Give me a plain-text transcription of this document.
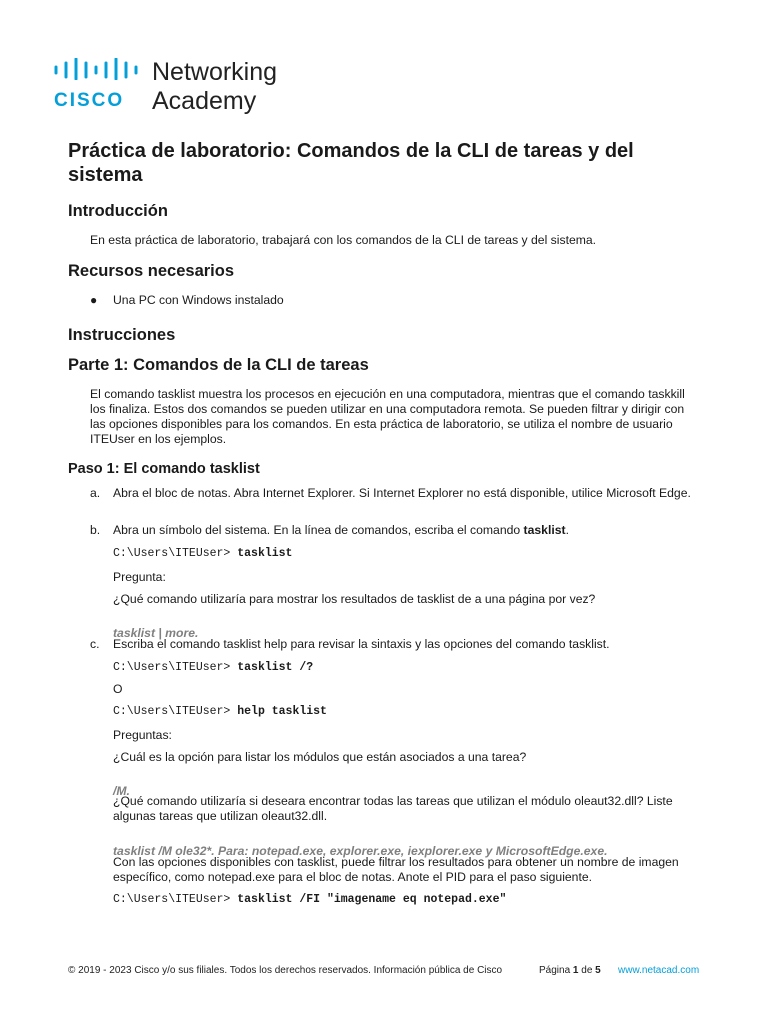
CISCO
Networking
Academy
Práctica de laboratorio: Comandos de la CLI de tareas y del sistema
Introducción

En esta práctica de laboratorio, trabajará con los comandos de la CLI de tareas y del sistema.

Recursos necesarios
● Una PC con Windows instalado

Instrucciones
Parte 1: Comandos de la CLI de tareas

El comando tasklist muestra los procesos en ejecución en una computadora, mientras que el comando taskkill los finaliza. Estos dos comandos se pueden utilizar en una computadora remota. Se pueden filtrar y dirigir con las opciones disponibles para los comandos. En esta práctica de laboratorio, se utiliza el nombre de usuario ITEUser en los ejemplos.

Paso 1: El comando tasklist
a. Abra el bloc de notas. Abra Internet Explorer. Si Internet Explorer no está disponible, utilice Microsoft Edge.

b. Abra un símbolo del sistema. En la línea de comandos, escriba el comando tasklist.

C:\Users\ITEUser> tasklist

Pregunta:

¿Qué comando utilizaría para mostrar los resultados de tasklist de a una página por vez?

tasklist | more.

c. Escriba el comando tasklist help para revisar la sintaxis y las opciones del comando tasklist.

C:\Users\ITEUser> tasklist /?

O

C:\Users\ITEUser> help tasklist

Preguntas:

¿Cuál es la opción para listar los módulos que están asociados a una tarea?

/M.

¿Qué comando utilizaría si deseara encontrar todas las tareas que utilizan el módulo oleaut32.dll? Liste algunas tareas que utilizan oleaut32.dll.

tasklist /M ole32*. Para: notepad.exe, explorer.exe, iexplorer.exe y MicrosoftEdge.exe.

Con las opciones disponibles con tasklist, puede filtrar los resultados para obtener un nombre de imagen específico, como notepad.exe para el bloc de notas. Anote el PID para el paso siguiente.

C:\Users\ITEUser> tasklist /FI "imagename eq notepad.exe"
© 2019 - 2023 Cisco y/o sus filiales. Todos los derechos reservados. Información pública de Cisco	Página 1 de 5 www.netacad.com
